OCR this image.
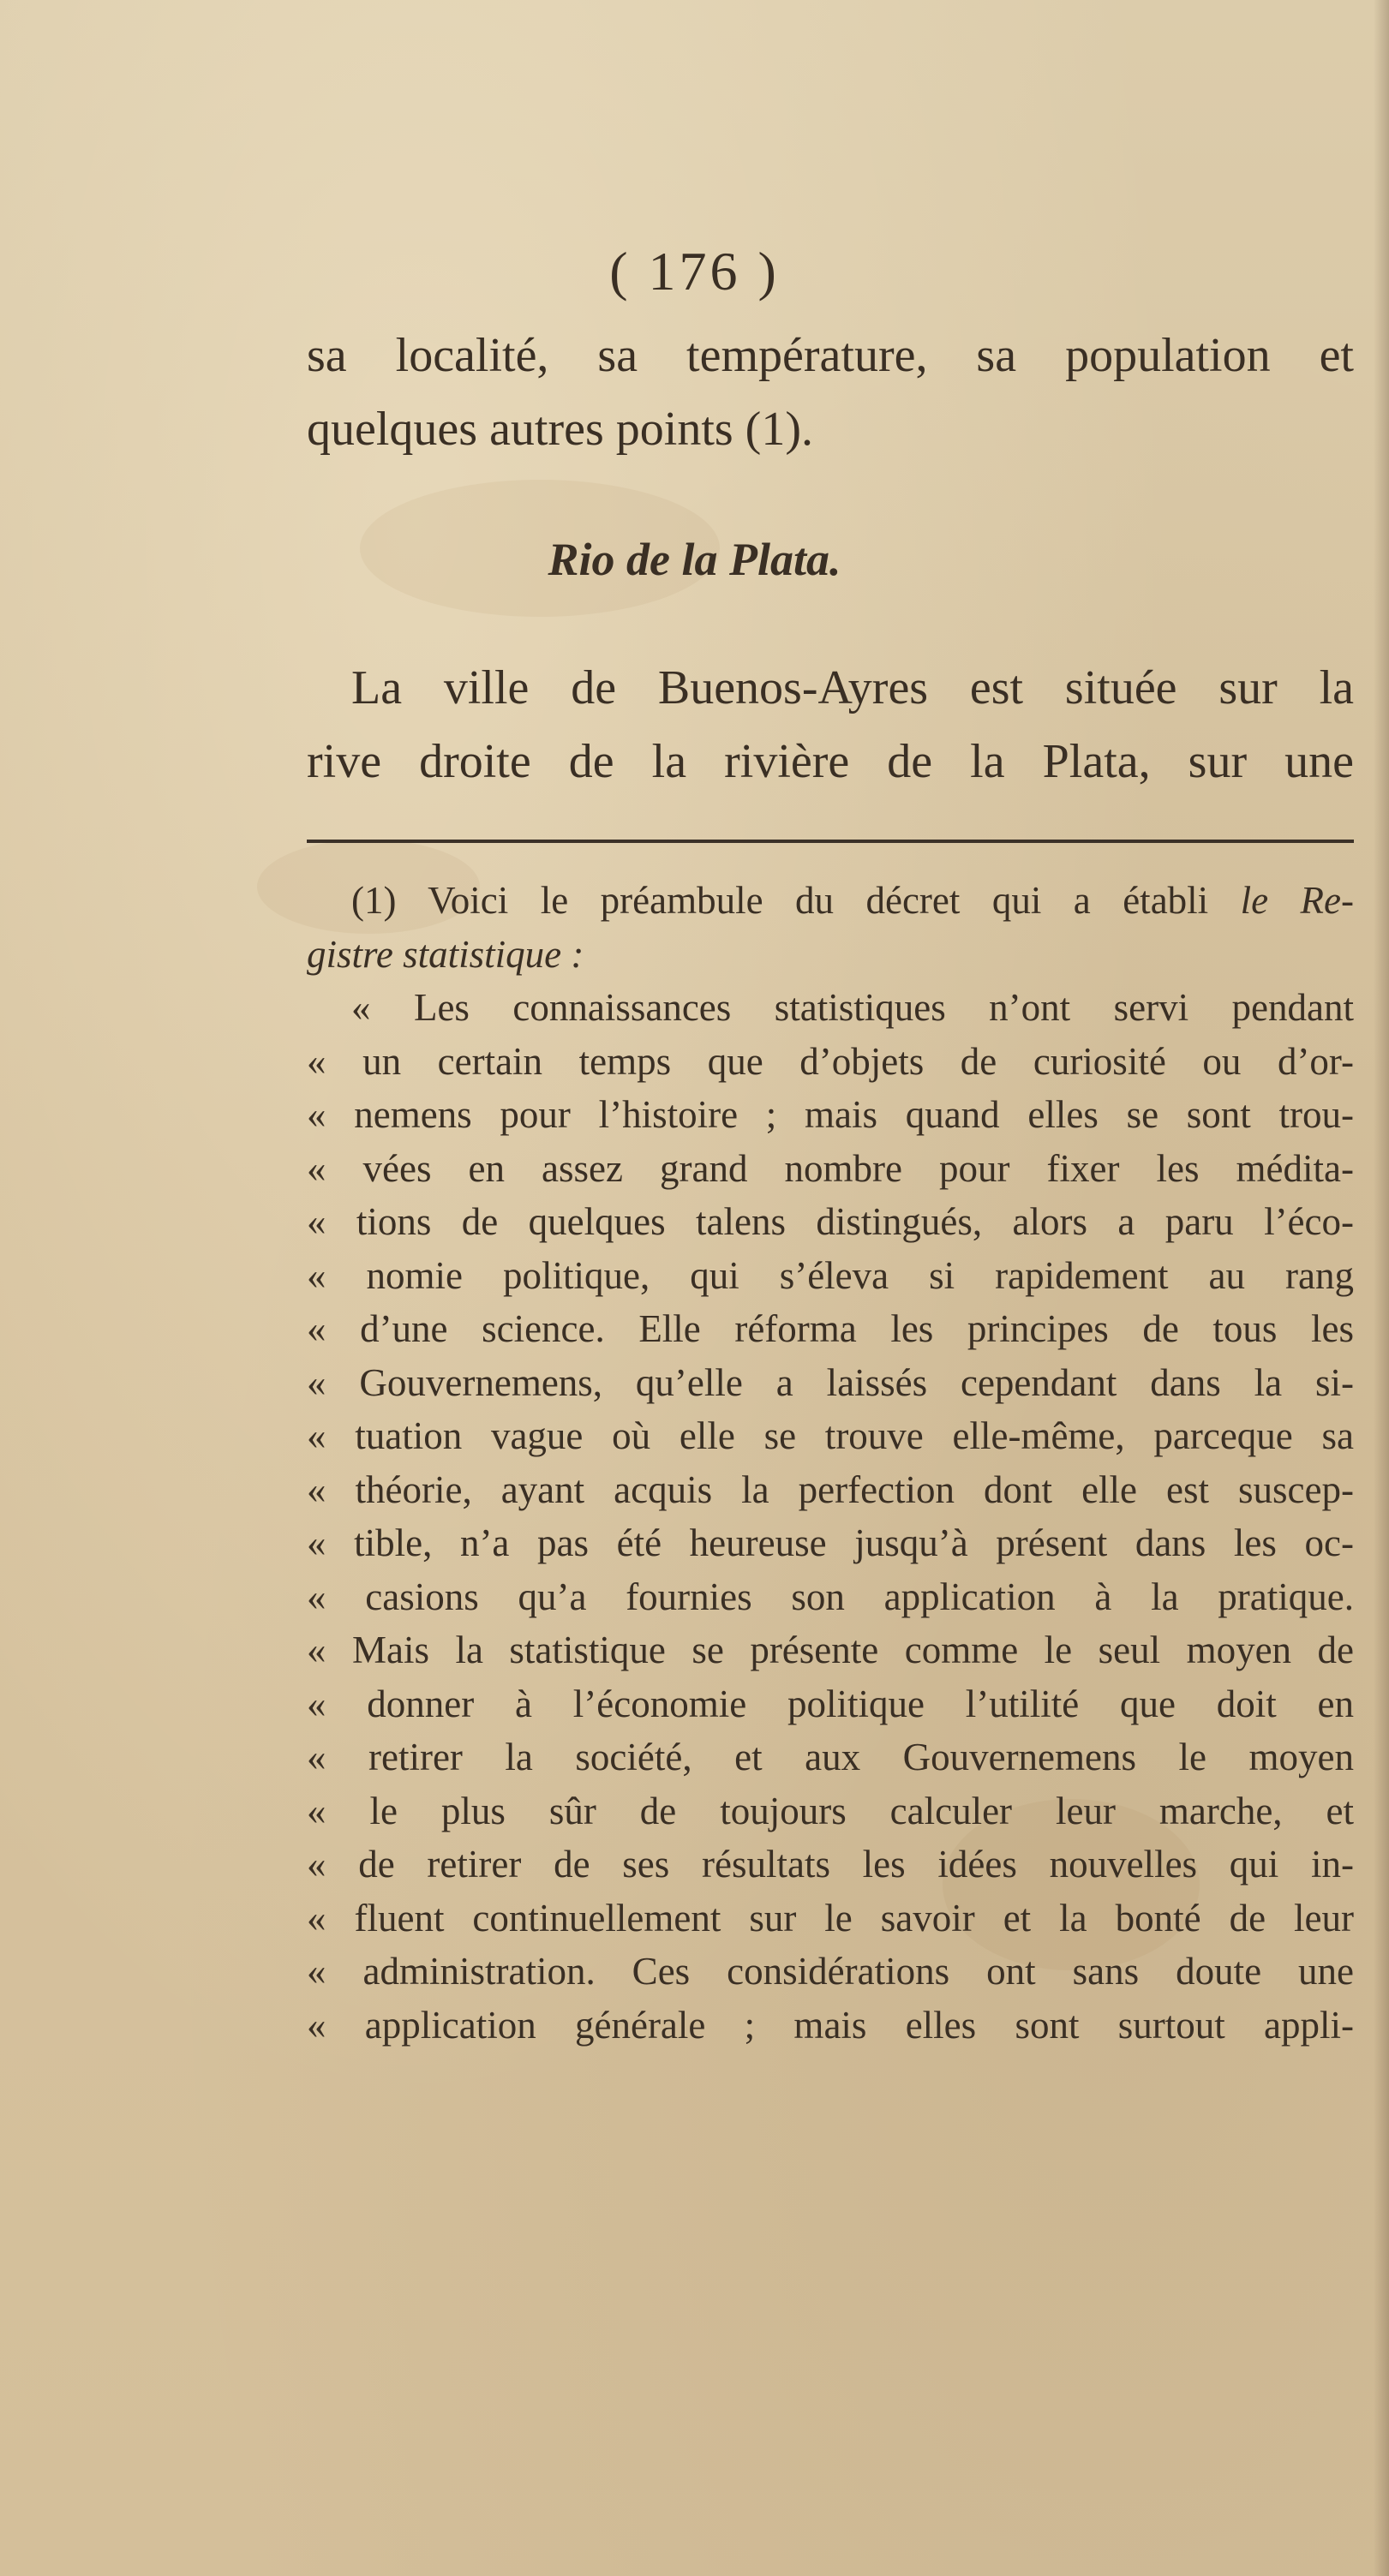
( 176 )
sa localité, sa température, sa population et
quelques autres points (1).
Rio de la Plata.
La ville de Buenos-Ayres est située sur la
rive droite de la rivière de la Plata, sur une
(1) Voici le préambule du décret qui a établi le Re-
gistre statistique :
« Les connaissances statistiques n’ont servi pendant
« un certain temps que d’objets de curiosité ou d’or-
« nemens pour l’histoire ; mais quand elles se sont trou-
« vées en assez grand nombre pour fixer les médita-
« tions de quelques talens distingués, alors a paru l’éco-
« nomie politique, qui s’éleva si rapidement au rang
« d’une science. Elle réforma les principes de tous les
« Gouvernemens, qu’elle a laissés cependant dans la si-
« tuation vague où elle se trouve elle-même, parceque sa
« théorie, ayant acquis la perfection dont elle est suscep-
« tible, n’a pas été heureuse jusqu’à présent dans les oc-
« casions qu’a fournies son application à la pratique.
« Mais la statistique se présente comme le seul moyen de
« donner à l’économie politique l’utilité que doit en
« retirer la société, et aux Gouvernemens le moyen
« le plus sûr de toujours calculer leur marche, et
« de retirer de ses résultats les idées nouvelles qui in-
« fluent continuellement sur le savoir et la bonté de leur
« administration. Ces considérations ont sans doute une
« application générale ; mais elles sont surtout appli-
